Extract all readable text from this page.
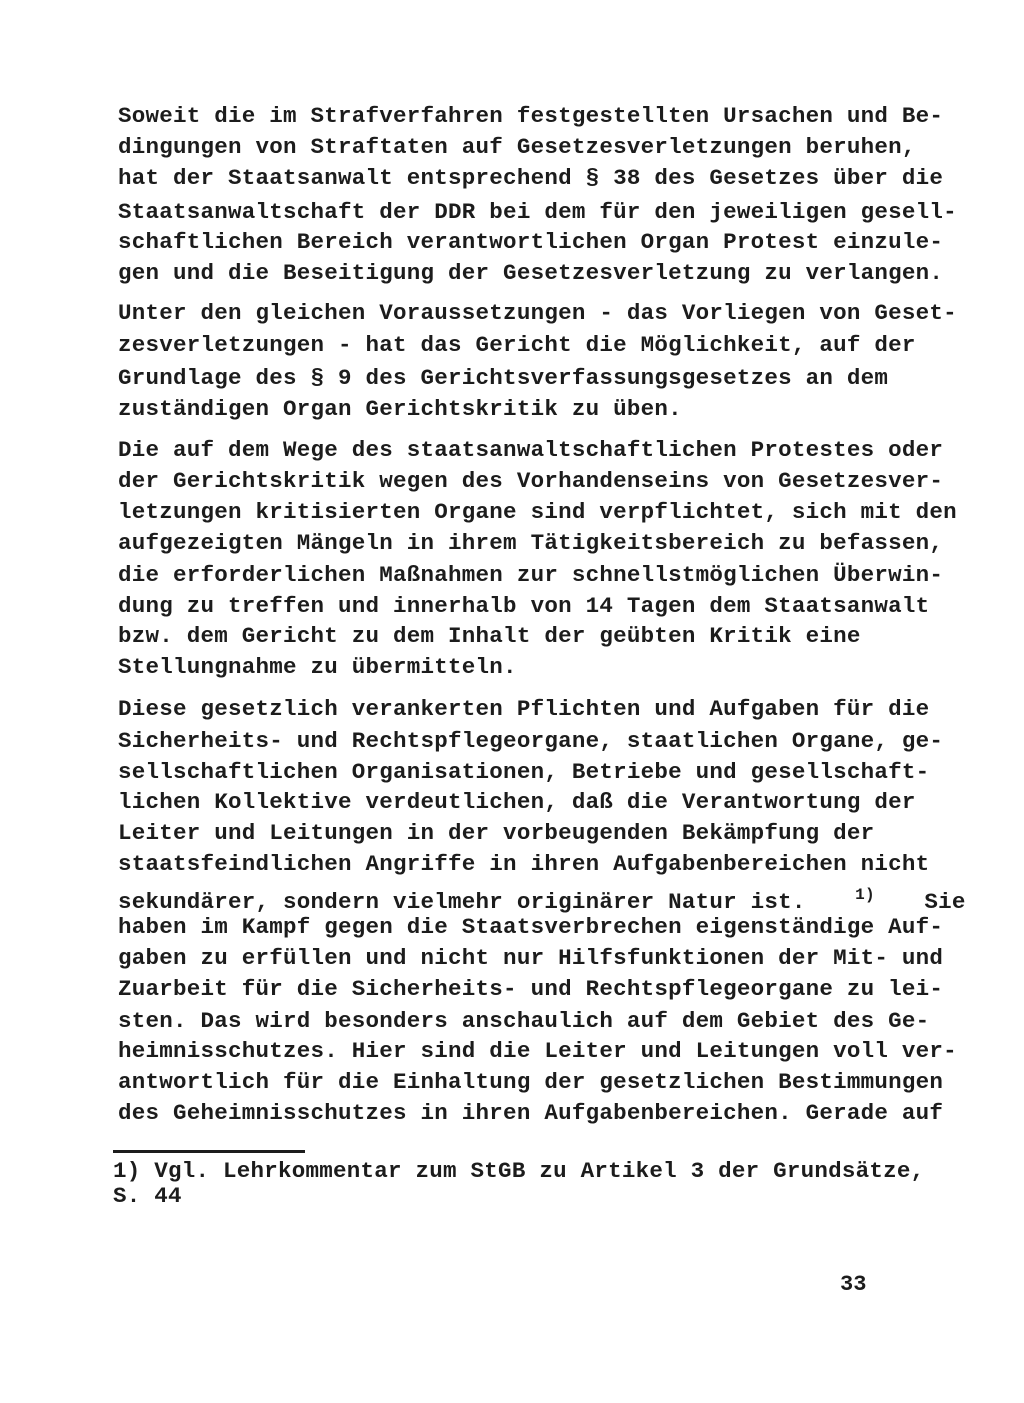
Soweit die im Strafverfahren festgestellten Ursachen und Be-
dingungen von Straftaten auf Gesetzesverletzungen beruhen,
hat der Staatsanwalt entsprechend § 38 des Gesetzes über die
Staatsanwaltschaft der DDR bei dem für den jeweiligen gesell-
schaftlichen Bereich verantwortlichen Organ Protest einzule-
gen und die Beseitigung der Gesetzesverletzung zu verlangen.
Unter den gleichen Voraussetzungen - das Vorliegen von Geset-
zesverletzungen - hat das Gericht die Möglichkeit, auf der
Grundlage des § 9 des Gerichtsverfassungsgesetzes an dem
zuständigen Organ Gerichtskritik zu üben.
Die auf dem Wege des staatsanwaltschaftlichen Protestes oder
der Gerichtskritik wegen des Vorhandenseins von Gesetzesver-
letzungen kritisierten Organe sind verpflichtet, sich mit den
aufgezeigten Mängeln in ihrem Tätigkeitsbereich zu befassen,
die erforderlichen Maßnahmen zur schnellstmöglichen Überwin-
dung zu treffen und innerhalb von 14 Tagen dem Staatsanwalt
bzw. dem Gericht zu dem Inhalt der geübten Kritik eine
Stellungnahme zu übermitteln.
Diese gesetzlich verankerten Pflichten und Aufgaben für die
Sicherheits- und Rechtspflegeorgane, staatlichen Organe, ge-
sellschaftlichen Organisationen, Betriebe und gesellschaft-
lichen Kollektive verdeutlichen, daß die Verantwortung der
Leiter und Leitungen in der vorbeugenden Bekämpfung der
staatsfeindlichen Angriffe in ihren Aufgabenbereichen nicht
sekundärer, sondern vielmehr originärer Natur ist.	$^{1)}$ Sie
haben im Kampf gegen die Staatsverbrechen eigenständige Auf-
gaben zu erfüllen und nicht nur Hilfsfunktionen der Mit- und
Zuarbeit für die Sicherheits- und Rechtspflegeorgane zu lei-
sten. Das wird besonders anschaulich auf dem Gebiet des Ge-
heimnisschutzes. Hier sind die Leiter und Leitungen voll ver-
antwortlich für die Einhaltung der gesetzlichen Bestimmungen
des Geheimnisschutzes in ihren Aufgabenbereichen. Gerade auf
1) Vgl. Lehrkommentar zum StGB zu Artikel 3 der Grundsätze,
S. 44
33
